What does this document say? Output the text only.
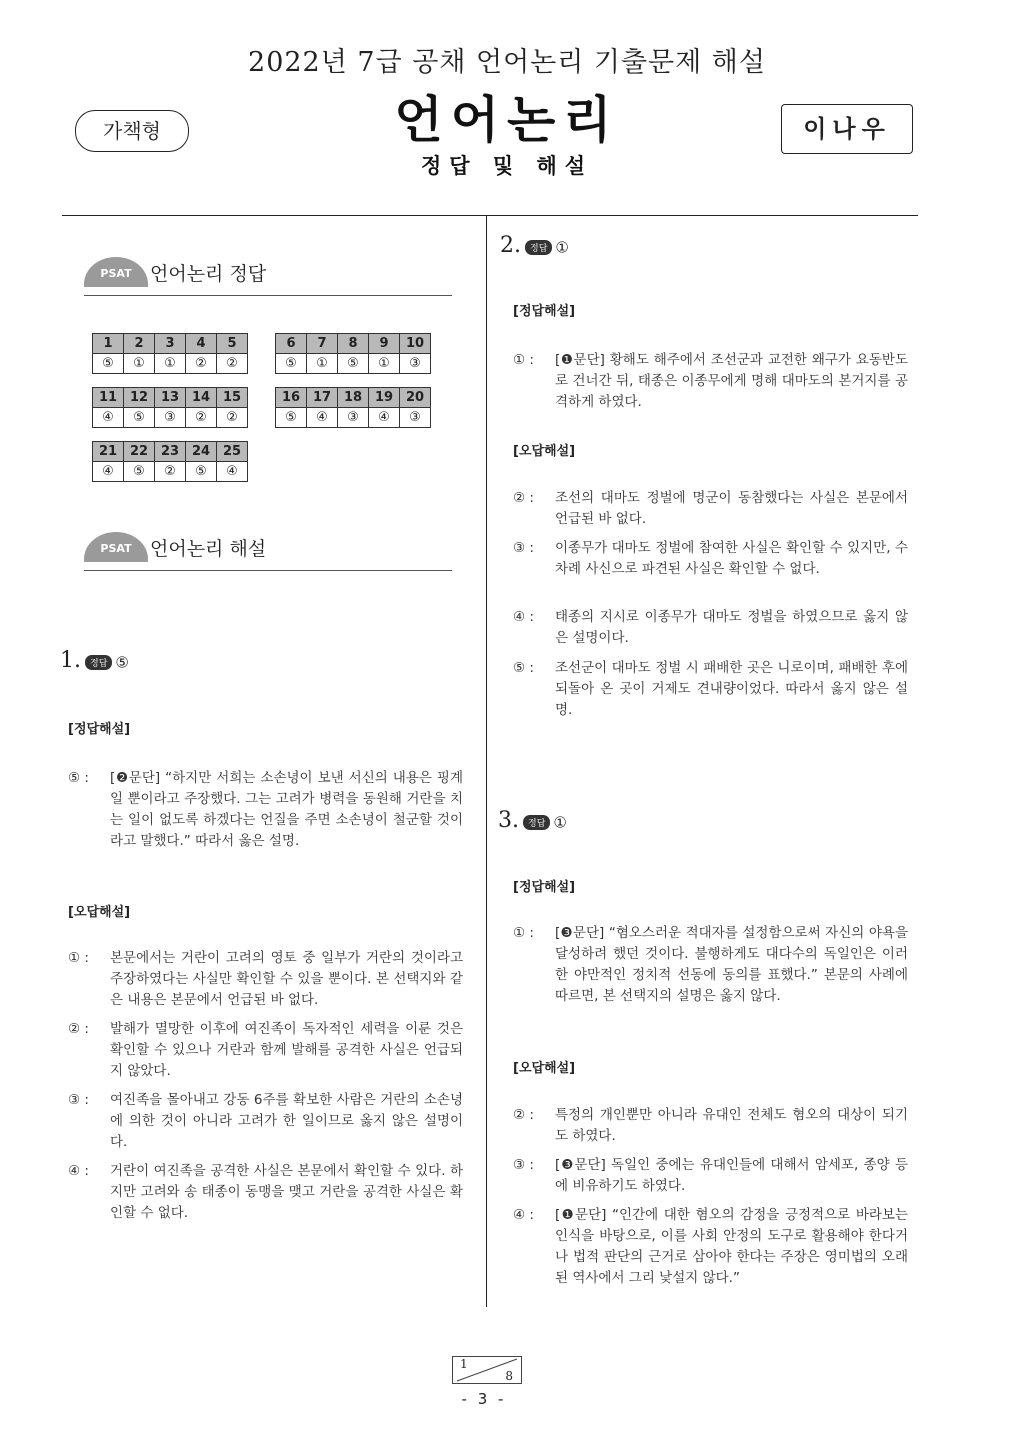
2022년 7급 공채 언어논리 기출문제 해설
언어논리
정답 및 해설
가책형	이나우
PSAT 언어논리 정답
1	2	3	4	5
⑤	①	①	②	②
6	7	8	9	10
⑤	①	⑤	①	③
11	12	13	14	15
④	⑤	③	②	②
16	17	18	19	20
⑤	④	③	④	③
21	22	23	24	25
④	⑤	②	⑤	④
PSAT 언어논리 해설
1. 정답 ⑤
[정답해설]
⑤ :	[❷문단] “하지만 서희는 소손녕이 보낸 서신의 내용은 핑계일 뿐이라고 주장했다. 그는 고려가 병력을 동원해 거란을 치는 일이 없도록 하겠다는 언질을 주면 소손녕이 철군할 것이라고 말했다.” 따라서 옳은 설명.
[오답해설]
① :	본문에서는 거란이 고려의 영토 중 일부가 거란의 것이라고 주장하였다는 사실만 확인할 수 있을 뿐이다. 본 선택지와 같은 내용은 본문에서 언급된 바 없다.
② :	발해가 멸망한 이후에 여진족이 독자적인 세력을 이룬 것은 확인할 수 있으나 거란과 함께 발해를 공격한 사실은 언급되지 않았다.
③ :	여진족을 몰아내고 강동 6주를 확보한 사람은 거란의 소손녕에 의한 것이 아니라 고려가 한 일이므로 옳지 않은 설명이다.
④ :	거란이 여진족을 공격한 사실은 본문에서 확인할 수 있다. 하지만 고려와 송 태종이 동맹을 맺고 거란을 공격한 사실은 확인할 수 없다.
2. 정답 ①
[정답해설]
① :	[❶문단] 황해도 해주에서 조선군과 교전한 왜구가 요동반도로 건너간 뒤, 태종은 이종무에게 명해 대마도의 본거지를 공격하게 하였다.
[오답해설]
② :	조선의 대마도 정벌에 명군이 동참했다는 사실은 본문에서 언급된 바 없다.
③ :	이종무가 대마도 정벌에 참여한 사실은 확인할 수 있지만, 수차례 사신으로 파견된 사실은 확인할 수 없다.
④ :	태종의 지시로 이종무가 대마도 정벌을 하였으므로 옳지 않은 설명이다.
⑤ :	조선군이 대마도 정벌 시 패배한 곳은 니로이며, 패배한 후에 되돌아 온 곳이 거제도 견내량이었다. 따라서 옳지 않은 설명.
3. 정답 ①
[정답해설]
① :	[❸문단] “혐오스러운 적대자를 설정함으로써 자신의 야욕을 달성하려 했던 것이다. 불행하게도 대다수의 독일인은 이러한 야만적인 정치적 선동에 동의를 표했다.” 본문의 사례에 따르면, 본 선택지의 설명은 옳지 않다.
[오답해설]
② :	특정의 개인뿐만 아니라 유대인 전체도 혐오의 대상이 되기도 하였다.
③ :	[❸문단] 독일인 중에는 유대인들에 대해서 암세포, 종양 등에 비유하기도 하였다.
④ :	[❶문단] “인간에 대한 혐오의 감정을 긍정적으로 바라보는 인식을 바탕으로, 이를 사회 안정의 도구로 활용해야 한다거나 법적 판단의 근거로 삼아야 한다는 주장은 영미법의 오래된 역사에서 그리 낯설지 않다.”
1
8
- 3 -
